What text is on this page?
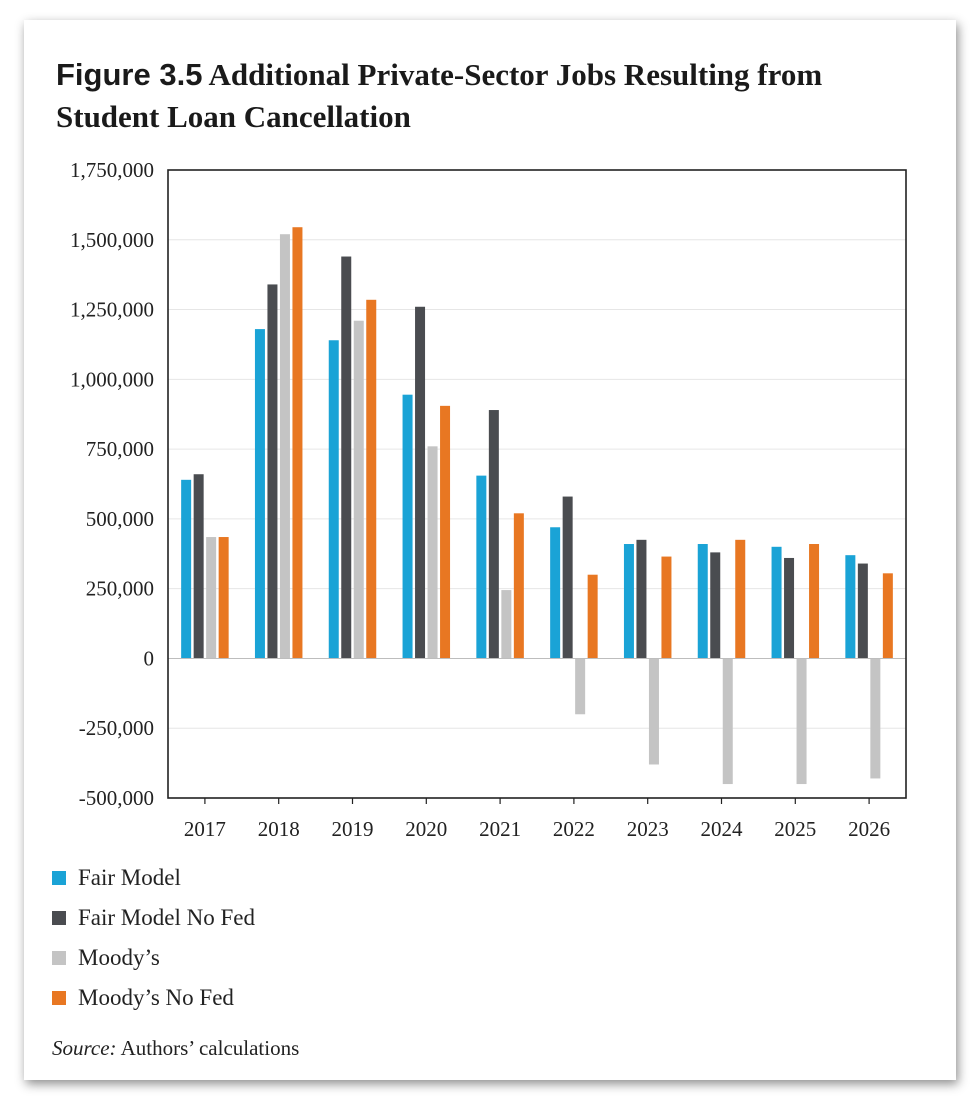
Figure 3.5 Additional Private-Sector Jobs Resulting from Student Loan Cancellation
-500,000
-250,000
0
250,000
500,000
750,000
1,000,000
1,250,000
1,500,000
1,750,000
2017 2018 2019 2020 2021 2022 2023 2024 2025 2026
Fair Model
Fair Model No Fed
Moody’s
Moody’s No Fed
Source: Authors’ calculations
